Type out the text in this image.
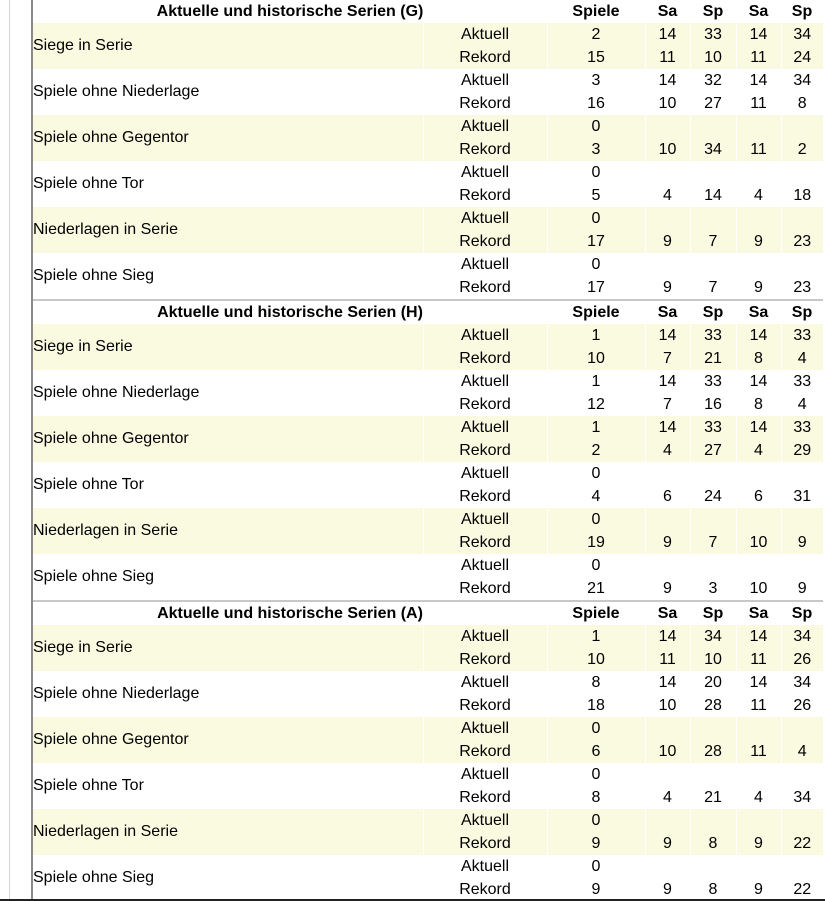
Aktuelle und historische Serien (G)		Spiele	Sa	Sp	Sa	Sp
Siege in Serie	Aktuell	2	14	33	14	34
	Rekord	15	11	10	11	24
Spiele ohne Niederlage	Aktuell	3	14	32	14	34
	Rekord	16	10	27	11	8
Spiele ohne Gegentor	Aktuell	0				
	Rekord	3	10	34	11	2
Spiele ohne Tor	Aktuell	0				
	Rekord	5	4	14	4	18
Niederlagen in Serie	Aktuell	0				
	Rekord	17	9	7	9	23
Spiele ohne Sieg	Aktuell	0				
	Rekord	17	9	7	9	23
Aktuelle und historische Serien (H)		Spiele	Sa	Sp	Sa	Sp
Siege in Serie	Aktuell	1	14	33	14	33
	Rekord	10	7	21	8	4
Spiele ohne Niederlage	Aktuell	1	14	33	14	33
	Rekord	12	7	16	8	4
Spiele ohne Gegentor	Aktuell	1	14	33	14	33
	Rekord	2	4	27	4	29
Spiele ohne Tor	Aktuell	0				
	Rekord	4	6	24	6	31
Niederlagen in Serie	Aktuell	0				
	Rekord	19	9	7	10	9
Spiele ohne Sieg	Aktuell	0				
	Rekord	21	9	3	10	9
Aktuelle und historische Serien (A)		Spiele	Sa	Sp	Sa	Sp
Siege in Serie	Aktuell	1	14	34	14	34
	Rekord	10	11	10	11	26
Spiele ohne Niederlage	Aktuell	8	14	20	14	34
	Rekord	18	10	28	11	26
Spiele ohne Gegentor	Aktuell	0				
	Rekord	6	10	28	11	4
Spiele ohne Tor	Aktuell	0				
	Rekord	8	4	21	4	34
Niederlagen in Serie	Aktuell	0				
	Rekord	9	9	8	9	22
Spiele ohne Sieg	Aktuell	0				
	Rekord	9	9	8	9	22
